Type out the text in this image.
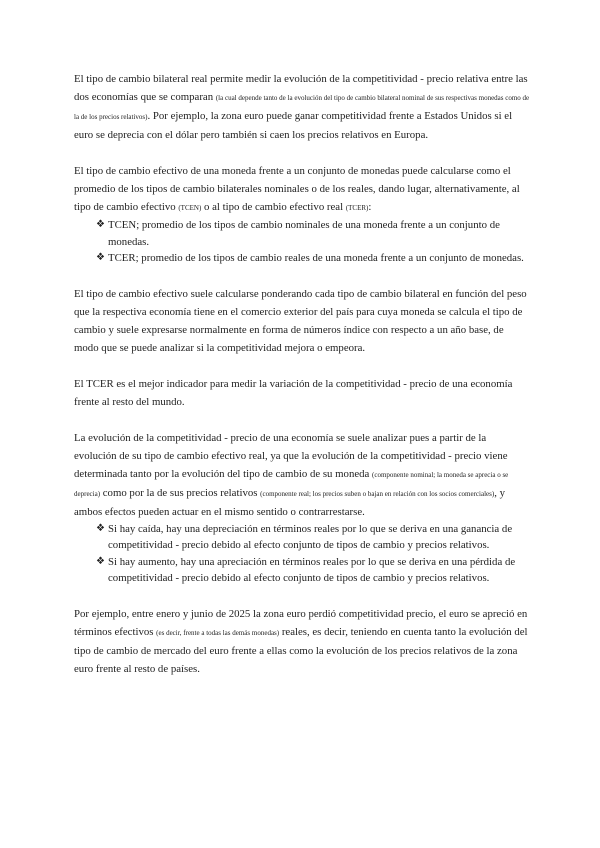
El tipo de cambio bilateral real permite medir la evolución de la competitividad - precio relativa entre las dos economías que se comparan (la cual depende tanto de la evolución del tipo de cambio bilateral nominal de sus respectivas monedas como de la de los precios relativos). Por ejemplo, la zona euro puede ganar competitividad frente a Estados Unidos si el euro se deprecia con el dólar pero también si caen los precios relativos en Europa.

El tipo de cambio efectivo de una moneda frente a un conjunto de monedas puede calcularse como el promedio de los tipos de cambio bilaterales nominales o de los reales, dando lugar, alternativamente, al tipo de cambio efectivo (TCEN) o al tipo de cambio efectivo real (TCER):

❖ TCEN; promedio de los tipos de cambio nominales de una moneda frente a un conjunto de monedas.
❖ TCER; promedio de los tipos de cambio reales de una moneda frente a un conjunto de monedas.

El tipo de cambio efectivo suele calcularse ponderando cada tipo de cambio bilateral en función del peso que la respectiva economía tiene en el comercio exterior del país para cuya moneda se calcula el tipo de cambio y suele expresarse normalmente en forma de números índice con respecto a un año base, de modo que se puede analizar si la competitividad mejora o empeora.

El TCER es el mejor indicador para medir la variación de la competitividad - precio de una economía frente al resto del mundo.

La evolución de la competitividad - precio de una economía se suele analizar pues a partir de la evolución de su tipo de cambio efectivo real, ya que la evolución de la competitividad - precio viene determinada tanto por la evolución del tipo de cambio de su moneda (componente nominal; la moneda se aprecia o se deprecia) como por la de sus precios relativos (componente real; los precios suben o bajan en relación con los socios comerciales), y ambos efectos pueden actuar en el mismo sentido o contrarrestarse.

❖ Si hay caída, hay una depreciación en términos reales por lo que se deriva en una ganancia de competitividad - precio debido al efecto conjunto de tipos de cambio y precios relativos.
❖ Si hay aumento, hay una apreciación en términos reales por lo que se deriva en una pérdida de competitividad - precio debido al efecto conjunto de tipos de cambio y precios relativos.

Por ejemplo, entre enero y junio de 2025 la zona euro perdió competitividad precio, el euro se apreció en términos efectivos (es decir, frente a todas las demás monedas) reales, es decir, teniendo en cuenta tanto la evolución del tipo de cambio de mercado del euro frente a ellas como la evolución de los precios relativos de la zona euro frente al resto de países.
